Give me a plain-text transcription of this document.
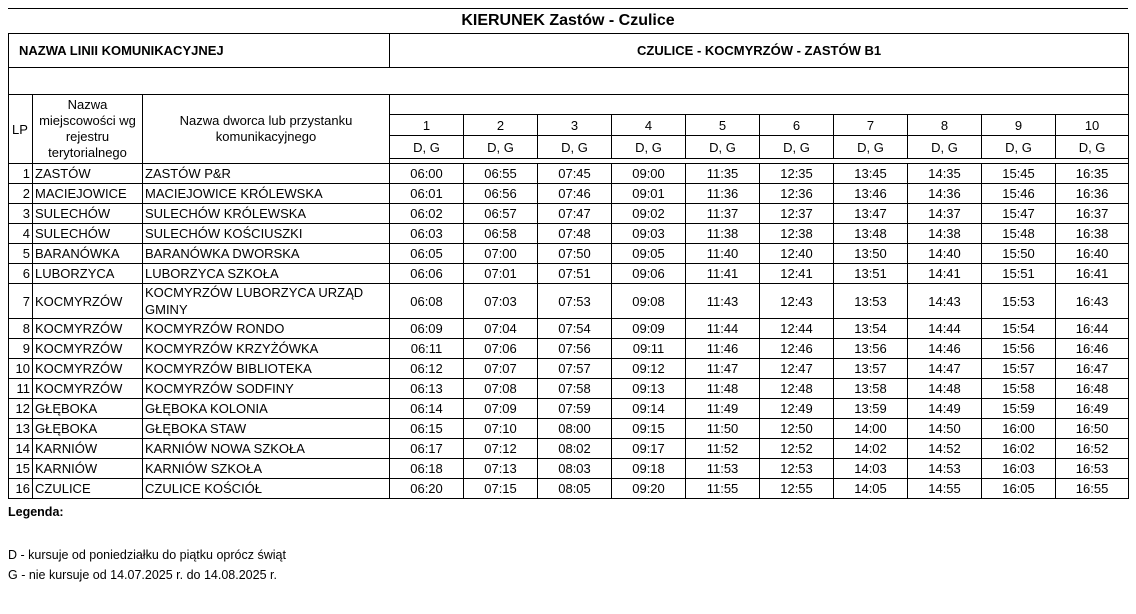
KIERUNEK Zastów - Czulice
NAZWA LINII KOMUNIKACYJNEJ			CZULICE - KOCMYRZÓW - ZASTÓW B1									

LP	Nazwa miejscowości wg rejestru terytorialnego	Nazwa dworca lub przystanku komunikacyjnego										
			1	2	3	4	5	6	7	8	9	10
			D, G	D, G	D, G	D, G	D, G	D, G	D, G	D, G	D, G	D, G

1	ZASTÓW	ZASTÓW P&R	06:00	06:55	07:45	09:00	11:35	12:35	13:45	14:35	15:45	16:35
2	MACIEJOWICE	MACIEJOWICE KRÓLEWSKA	06:01	06:56	07:46	09:01	11:36	12:36	13:46	14:36	15:46	16:36
3	SULECHÓW	SULECHÓW KRÓLEWSKA	06:02	06:57	07:47	09:02	11:37	12:37	13:47	14:37	15:47	16:37
4	SULECHÓW	SULECHÓW KOŚCIUSZKI	06:03	06:58	07:48	09:03	11:38	12:38	13:48	14:38	15:48	16:38
5	BARANÓWKA	BARANÓWKA DWORSKA	06:05	07:00	07:50	09:05	11:40	12:40	13:50	14:40	15:50	16:40
6	LUBORZYCA	LUBORZYCA SZKOŁA	06:06	07:01	07:51	09:06	11:41	12:41	13:51	14:41	15:51	16:41
7	KOCMYRZÓW	KOCMYRZÓW LUBORZYCA URZĄD GMINY	06:08	07:03	07:53	09:08	11:43	12:43	13:53	14:43	15:53	16:43
8	KOCMYRZÓW	KOCMYRZÓW RONDO	06:09	07:04	07:54	09:09	11:44	12:44	13:54	14:44	15:54	16:44
9	KOCMYRZÓW	KOCMYRZÓW KRZYŻÓWKA	06:11	07:06	07:56	09:11	11:46	12:46	13:56	14:46	15:56	16:46
10	KOCMYRZÓW	KOCMYRZÓW BIBLIOTEKA	06:12	07:07	07:57	09:12	11:47	12:47	13:57	14:47	15:57	16:47
11	KOCMYRZÓW	KOCMYRZÓW SODFINY	06:13	07:08	07:58	09:13	11:48	12:48	13:58	14:48	15:58	16:48
12	GŁĘBOKA	GŁĘBOKA KOLONIA	06:14	07:09	07:59	09:14	11:49	12:49	13:59	14:49	15:59	16:49
13	GŁĘBOKA	GŁĘBOKA STAW	06:15	07:10	08:00	09:15	11:50	12:50	14:00	14:50	16:00	16:50
14	KARNIÓW	KARNIÓW NOWA SZKOŁA	06:17	07:12	08:02	09:17	11:52	12:52	14:02	14:52	16:02	16:52
15	KARNIÓW	KARNIÓW SZKOŁA	06:18	07:13	08:03	09:18	11:53	12:53	14:03	14:53	16:03	16:53
16	CZULICE	CZULICE KOŚCIÓŁ	06:20	07:15	08:05	09:20	11:55	12:55	14:05	14:55	16:05	16:55
Legenda:
D - kursuje od poniedziałku do piątku oprócz świąt
G - nie kursuje od 14.07.2025 r. do 14.08.2025 r.
